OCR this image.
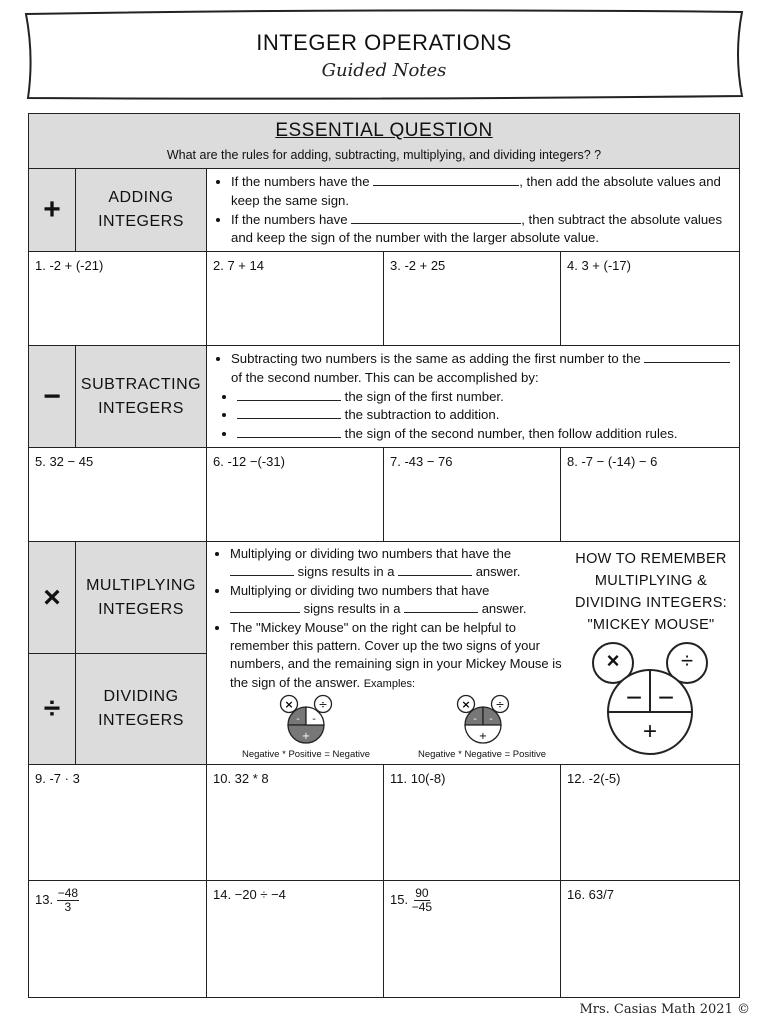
INTEGER OPERATIONS
Guided Notes
ESSENTIAL QUESTION
What are the rules for adding, subtracting, multiplying, and dividing integers? ?
+	ADDING INTEGERS
• If the numbers have the	, then add the absolute values and keep the same sign.
• If the numbers have	, then subtract the absolute values and keep the sign of the number with the larger absolute value.
1. -2 + (-21)	2. 7 + 14	3. -2 + 25	4. 3 + (-17)
−	SUBTRACTING INTEGERS
• Subtracting two numbers is the same as adding the first number to the  of the second number. This can be accomplished by:
• the sign of the first number.
• the subtraction to addition.
• the sign of the second number, then follow addition rules.
5. 32 − 45	6. -12 −(-31)	7. -43 − 76	8. -7 − (-14) − 6
×	MULTIPLYING INTEGERS
÷	DIVIDING INTEGERS
• Multiplying or dividing two numbers that have the  signs results in a	answer.
• Multiplying or dividing two numbers that have  signs results in a	answer.
• The "Mickey Mouse" on the right can be helpful to remember this pattern. Cover up the two signs of your numbers, and the remaining sign in your Mickey Mouse is the sign of the answer. Examples:
× ÷
- -
+
× ÷
- -
+
Negative * Positive = Negative	Negative * Negative = Positive
HOW TO REMEMBER
MULTIPLYING &
DIVIDING INTEGERS:
"MICKEY MOUSE"
×	÷
− −
+
9. -7 · 3	10. 32 * 8	11. 10(-8)	12. -2(-5)
13. $\frac{-48}{3}$	14. −20 ÷ −4	15. $\frac{90}{-45}$	16. 63/7
Mrs. Casias Math 2021 ©
